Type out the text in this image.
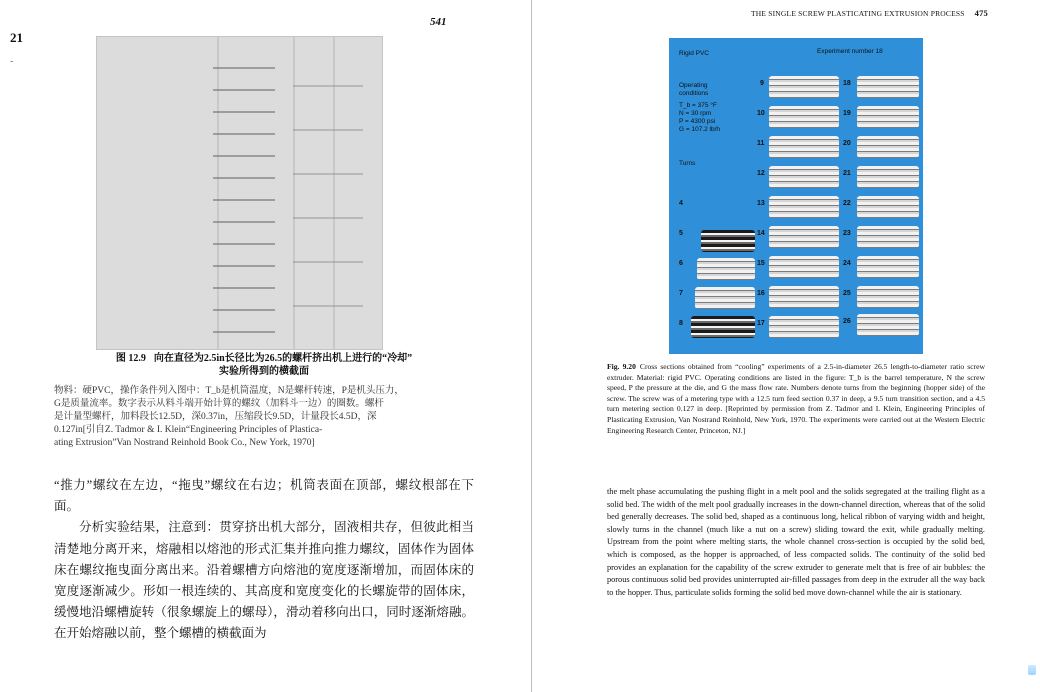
21
-
541
图 12.9 向在直径为2.5in长径比为26.5的螺杆挤出机上进行的“冷却”
实验所得到的横截面
物料：硬PVC，操作条件列入图中：T_b是机筒温度，N是螺杆转速，P是机头压力，
G是质量流率。数字表示从料斗端开始计算的螺纹（加料斗一边）的圈数。螺杆
是计量型螺杆，加料段长12.5D，深0.37in，压缩段长9.5D，计量段长4.5D，深
0.127in[引自Z. Tadmor & I. Klein“Engineering Principles of Plastica-
ating Extrusion”Van Nostrand Reinhold Book Co., New York, 1970]

“推力”螺纹在左边，“拖曳”螺纹在右边；机筒表面在顶部，螺纹根部在下面。

分析实验结果，注意到：贯穿挤出机大部分，固液相共存，但彼此相当清楚地分离开来，熔融相以熔池的形式汇集并推向推力螺纹，固体作为固体床在螺纹拖曳面分离出来。沿着螺槽方向熔池的宽度逐渐增加，而固体床的宽度逐渐减少。形如一根连续的、其高度和宽度变化的长螺旋带的固体床，缓慢地沿螺槽旋转（很象螺旋上的螺母），滑动着移向出口，同时逐渐熔融。在开始熔融以前，整个螺槽的横截面为

THE SINGLE SCREW PLASTICATING EXTRUSION PROCESS 475
Rigid PVC	Experiment number 18
Operating
conditions
T_b = 375 °F
N = 30 rpm
P = 4300 psi
G = 107.2 lb/h
Turns
4
5
6
7
8
9
10
11
12
13
14
15
16
17
18
19
20
21
22
23
24
25
26
Fig. 9.20 Cross sections obtained from “cooling” experiments of a 2.5-in-diameter 26.5 length-to-diameter ratio screw extruder. Material: rigid PVC. Operating conditions are listed in the figure: T_b is the barrel temperature, N the screw speed, P the pressure at the die, and G the mass flow rate. Numbers denote turns from the beginning (hopper side) of the screw. The screw was of a metering type with a 12.5 turn feed section 0.37 in deep, a 9.5 turn transition section, and a 4.5 turn metering section 0.127 in deep. [Reprinted by permission from Z. Tadmor and I. Klein, Engineering Principles of Plasticating Extrusion, Van Nostrand Reinhold, New York, 1970. The experiments were carried out at the Western Electric Engineering Research Center, Princeton, NJ.]
the melt phase accumulating the pushing flight in a melt pool and the solids segregated at the trailing flight as a solid bed. The width of the melt pool gradually increases in the down-channel direction, whereas that of the solid bed generally decreases. The solid bed, shaped as a continuous long, helical ribbon of varying width and height, slowly turns in the channel (much like a nut on a screw) sliding toward the exit, while gradually melting. Upstream from the point where melting starts, the whole channel cross-section is occupied by the solid bed, which is composed, as the hopper is approached, of less compacted solids. The continuity of the solid bed provides an explanation for the capability of the screw extruder to generate melt that is free of air bubbles: the porous continuous solid bed provides uninterrupted air-filled passages from deep in the extruder all the way back to the hopper. Thus, particulate solids forming the solid bed move down-channel while the air is stationary.
